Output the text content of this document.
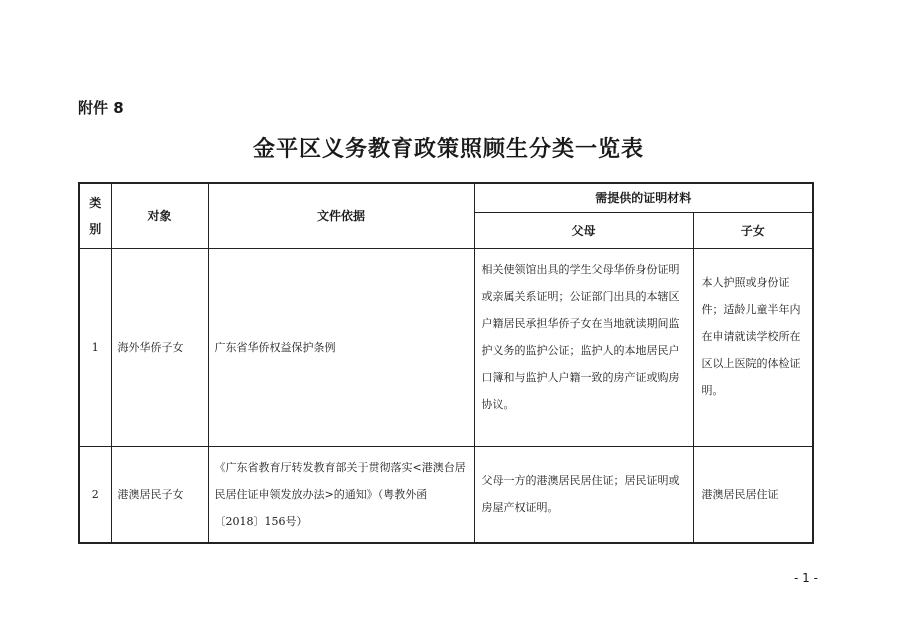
附件 8
金平区义务教育政策照顾生分类一览表
类
别	对象	文件依据	需提供的证明材料	
			父母	子女
1	海外华侨子女	广东省华侨权益保护条例	相关使领馆出具的学生父母华侨身份证明或亲属关系证明；公证部门出具的本辖区户籍居民承担华侨子女在当地就读期间监护义务的监护公证；监护人的本地居民户口簿和与监护人户籍一致的房产证或购房协议。	本人护照或身份证件；适龄儿童半年内在申请就读学校所在区以上医院的体检证明。
2	港澳居民子女	《广东省教育厅转发教育部关于贯彻落实<港澳台居民居住证申领发放办法>的通知》（粤教外函〔2018〕156号）	父母一方的港澳居民居住证；居民证明或房屋产权证明。	港澳居民居住证
- 1 -
